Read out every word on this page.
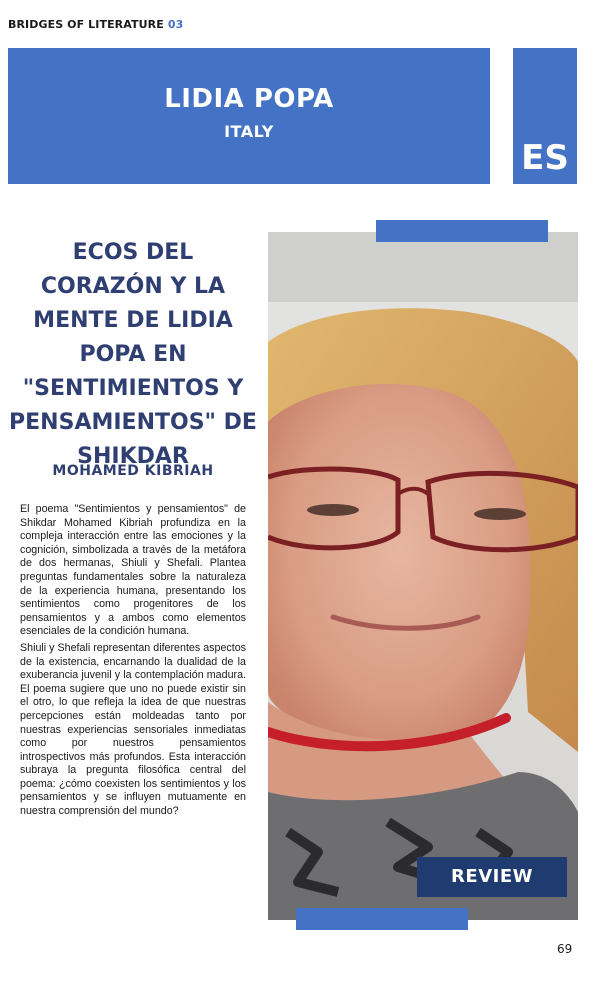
BRIDGES OF LITERATURE 03
LIDIA POPA
ITALY
ES
ECOS DEL CORAZÓN Y LA MENTE DE LIDIA POPA EN "SENTIMIENTOS Y PENSAMIENTOS" DE SHIKDAR
MOHAMED KIBRIAH

El poema "Sentimientos y pensamientos" de Shikdar Mohamed Kibriah profundiza en la compleja interacción entre las emociones y la cognición, simbolizada a través de la metáfora de dos hermanas, Shiuli y Shefali. Plantea preguntas fundamentales sobre la naturaleza de la experiencia humana, presentando los sentimientos como progenitores de los pensamientos y a ambos como elementos esenciales de la condición humana.

Shiuli y Shefali representan diferentes aspectos de la existencia, encarnando la dualidad de la exuberancia juvenil y la contemplación madura. El poema sugiere que uno no puede existir sin el otro, lo que refleja la idea de que nuestras percepciones están moldeadas tanto por nuestras experiencias sensoriales inmediatas como por nuestros pensamientos introspectivos más profundos. Esta interacción subraya la pregunta filosófica central del poema: ¿cómo coexisten los sentimientos y los pensamientos y se influyen mutuamente en nuestra comprensión del mundo?

REVIEW
69
